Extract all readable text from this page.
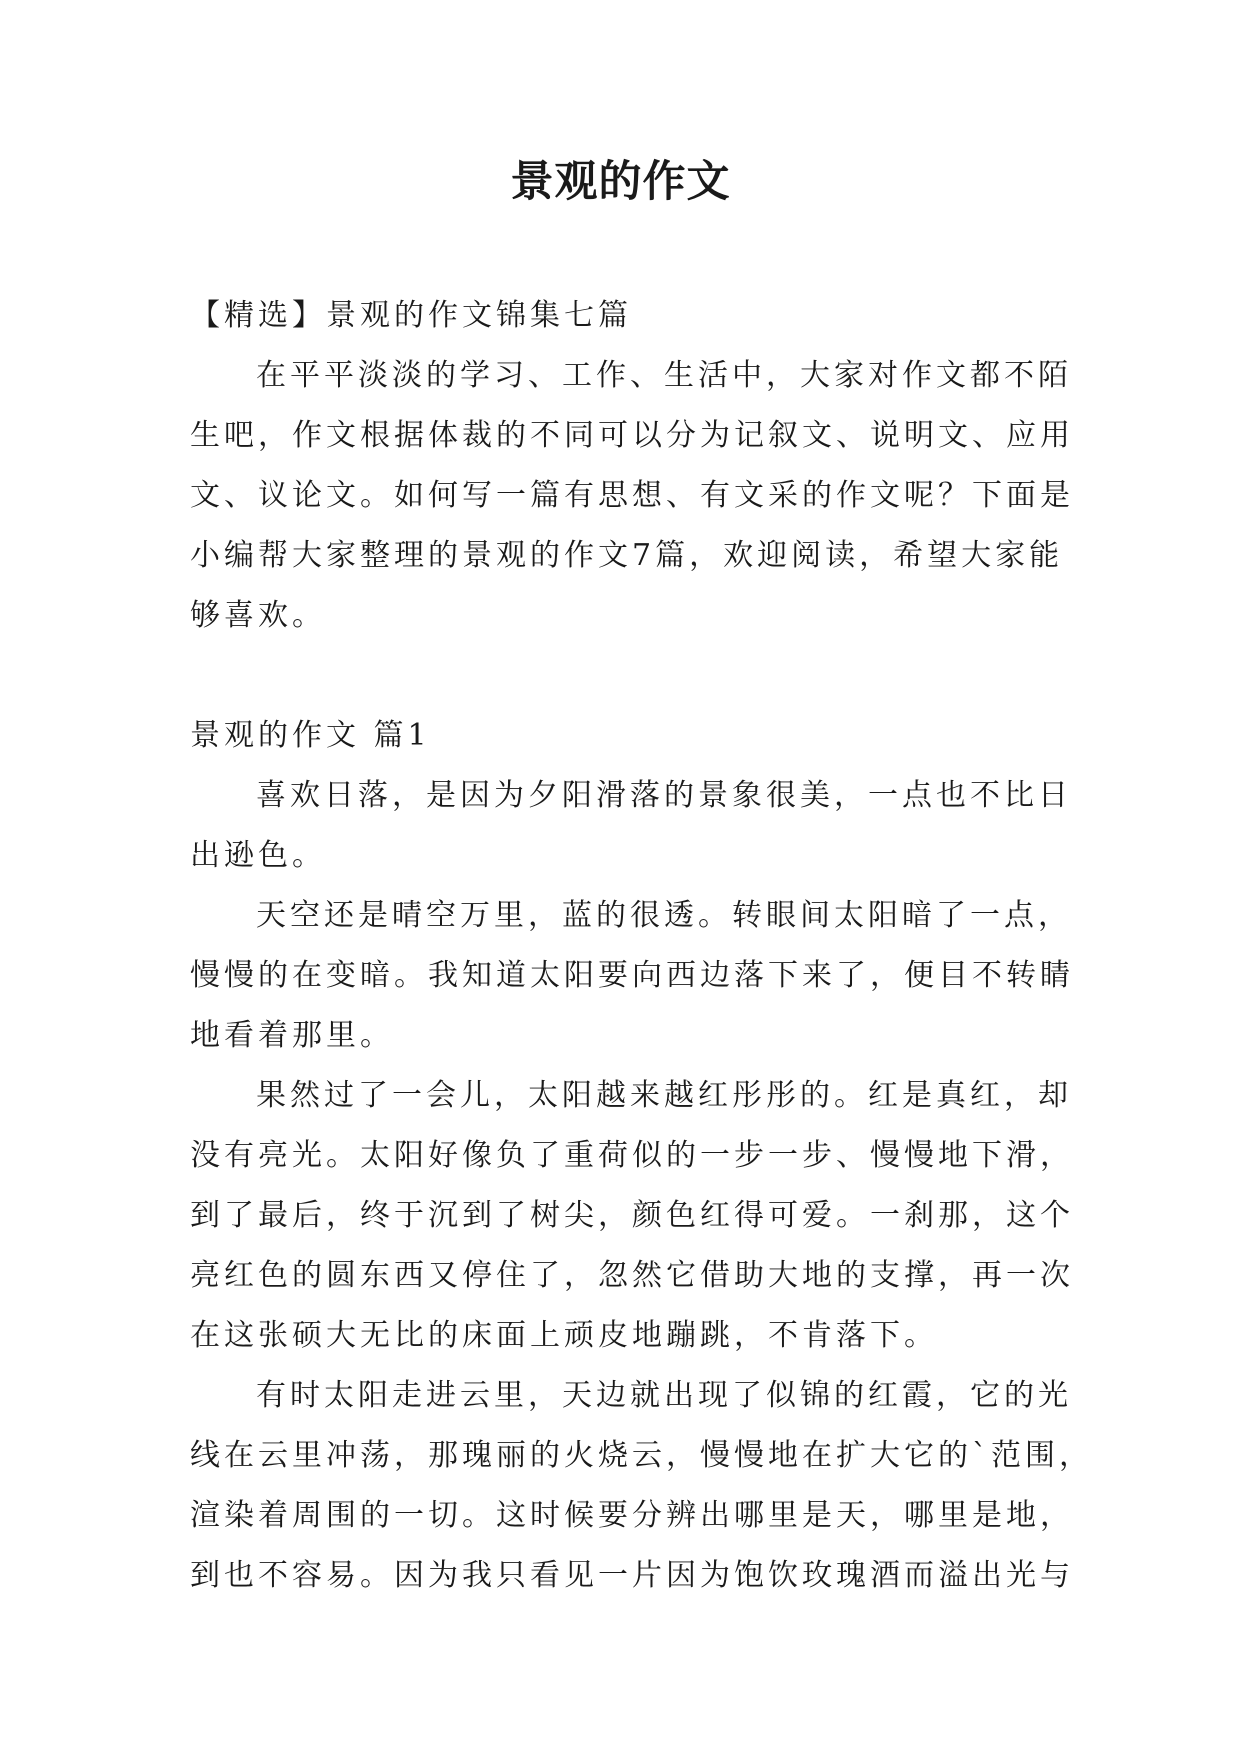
景观的作文
【精选】景观的作文锦集七篇
在平平淡淡的学习、工作、生活中，大家对作文都不陌
生吧，作文根据体裁的不同可以分为记叙文、说明文、应用
文、议论文。如何写一篇有思想、有文采的作文呢？下面是
小编帮大家整理的景观的作文7篇，欢迎阅读，希望大家能
够喜欢。
景观的作文 篇1
喜欢日落，是因为夕阳滑落的景象很美，一点也不比日
出逊色。
天空还是晴空万里，蓝的很透。转眼间太阳暗了一点，
慢慢的在变暗。我知道太阳要向西边落下来了，便目不转睛
地看着那里。
果然过了一会儿，太阳越来越红彤彤的。红是真红，却
没有亮光。太阳好像负了重荷似的一步一步、慢慢地下滑，
到了最后，终于沉到了树尖，颜色红得可爱。一刹那，这个
亮红色的圆东西又停住了，忽然它借助大地的支撑，再一次
在这张硕大无比的床面上顽皮地蹦跳，不肯落下。
有时太阳走进云里，天边就出现了似锦的红霞，它的光
线在云里冲荡，那瑰丽的火烧云，慢慢地在扩大它的`范围，
渲染着周围的一切。这时候要分辨出哪里是天，哪里是地，
到也不容易。因为我只看见一片因为饱饮玫瑰酒而溢出光与
